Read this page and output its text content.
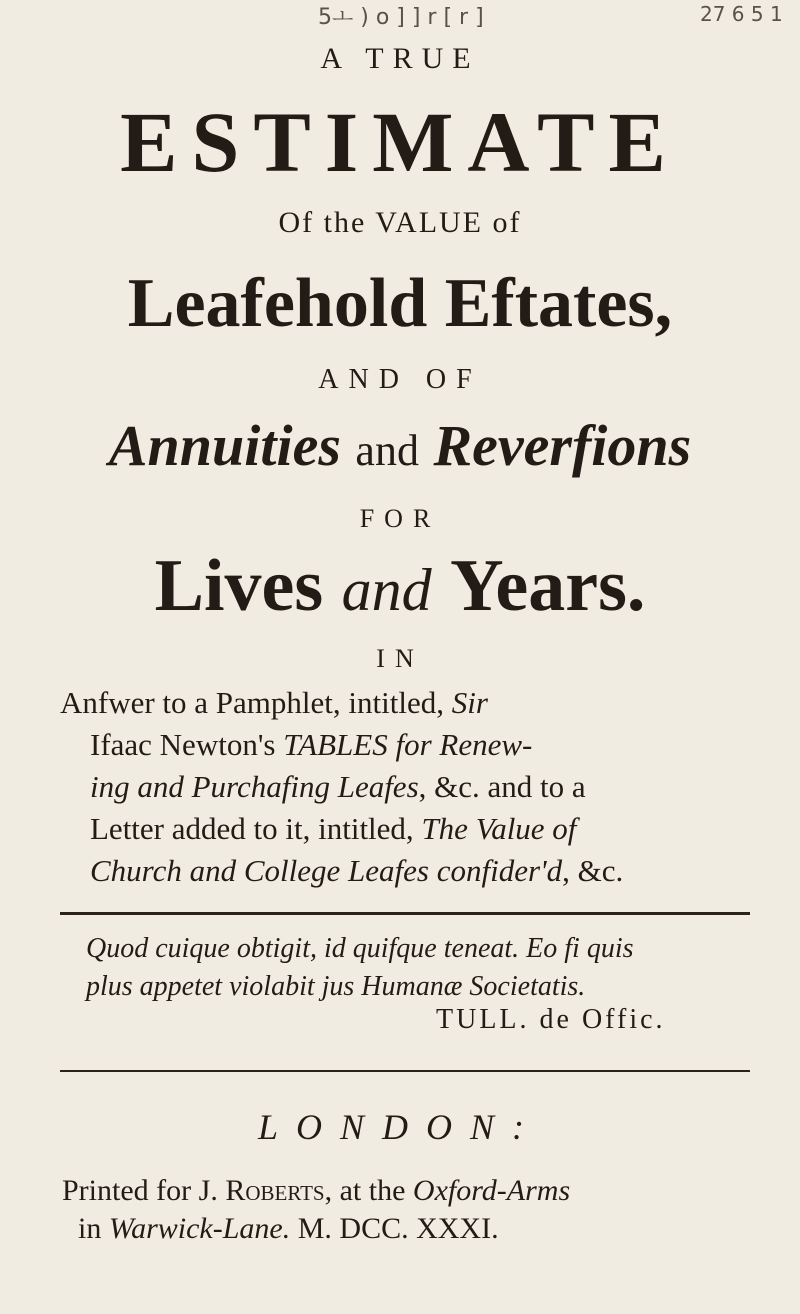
5ㅗ ) o ] ] r [ r ]	27 6 5 1
A TRUE
ESTIMATE
Of the VALUE of
Leafehold Eftates,
AND OF
Annuities and Reverfions
FOR
Lives and Years.
IN
Anfwer to a Pamphlet, intitled, Sir
Ifaac Newton's TABLES for Renew-
ing and Purchafing Leafes, &c. and to a
Letter added to it, intitled, The Value of
Church and College Leafes confider'd, &c.
Quod cuique obtigit, id quifque teneat. Eo fi quis
plus appetet violabit jus Humanæ Societatis.
TULL. de Offic.
LONDON:
Printed for J. Roberts, at the Oxford-Arms
in Warwick-Lane. M. DCC. XXXI.
